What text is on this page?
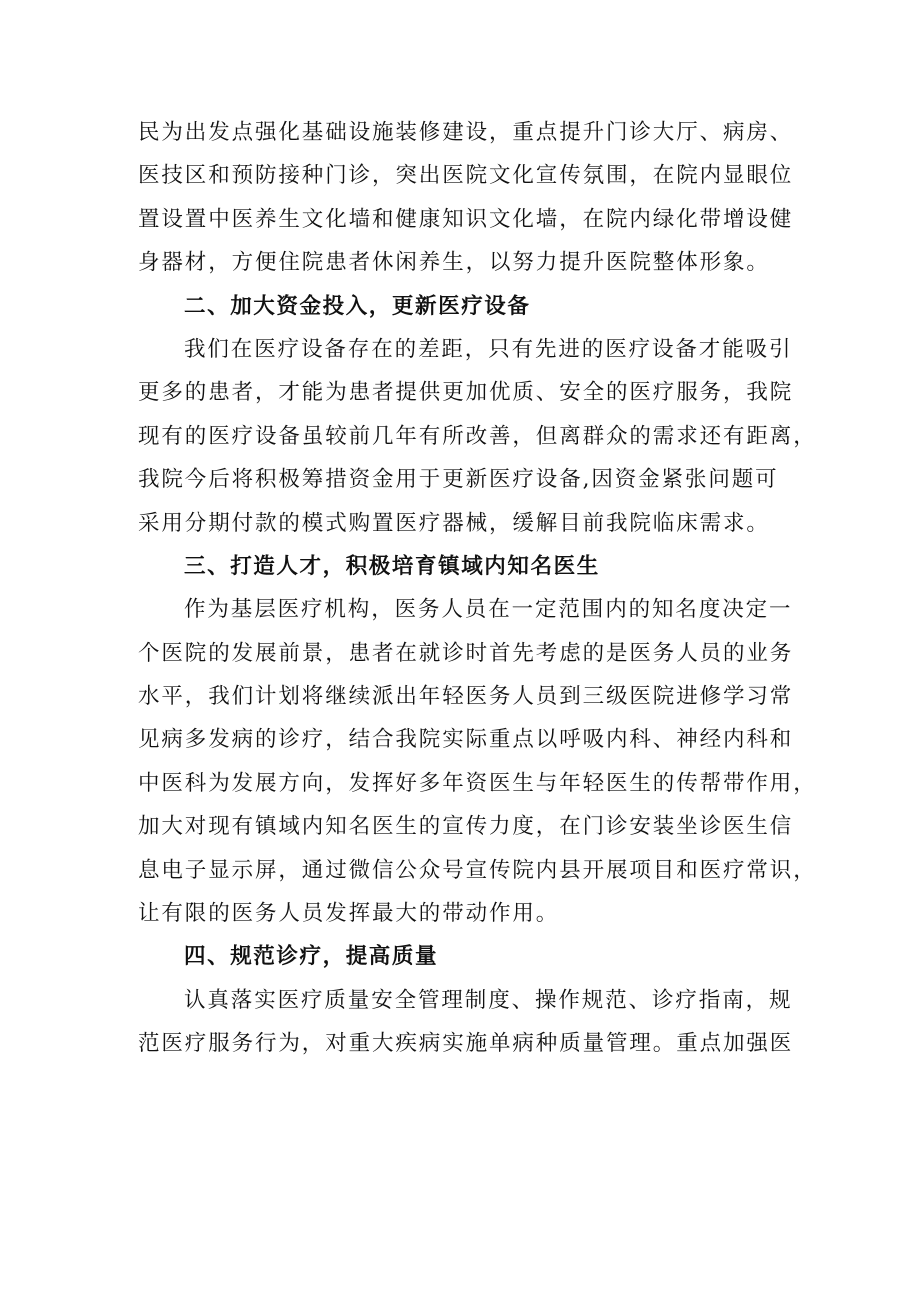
民为出发点强化基础设施装修建设，重点提升门诊大厅、病房、
医技区和预防接种门诊，突出医院文化宣传氛围，在院内显眼位
置设置中医养生文化墙和健康知识文化墙，在院内绿化带增设健
身器材，方便住院患者休闲养生，以努力提升医院整体形象。
二、加大资金投入，更新医疗设备
我们在医疗设备存在的差距，只有先进的医疗设备才能吸引
更多的患者，才能为患者提供更加优质、安全的医疗服务，我院
现有的医疗设备虽较前几年有所改善，但离群众的需求还有距离，
我院今后将积极筹措资金用于更新医疗设备,因资金紧张问题可
采用分期付款的模式购置医疗器械，缓解目前我院临床需求。
三、打造人才，积极培育镇域内知名医生
作为基层医疗机构，医务人员在一定范围内的知名度决定一
个医院的发展前景，患者在就诊时首先考虑的是医务人员的业务
水平，我们计划将继续派出年轻医务人员到三级医院进修学习常
见病多发病的诊疗，结合我院实际重点以呼吸内科、神经内科和
中医科为发展方向，发挥好多年资医生与年轻医生的传帮带作用，
加大对现有镇域内知名医生的宣传力度，在门诊安装坐诊医生信
息电子显示屏，通过微信公众号宣传院内县开展项目和医疗常识，
让有限的医务人员发挥最大的带动作用。
四、规范诊疗，提高质量
认真落实医疗质量安全管理制度、操作规范、诊疗指南，规
范医疗服务行为，对重大疾病实施单病种质量管理。重点加强医
